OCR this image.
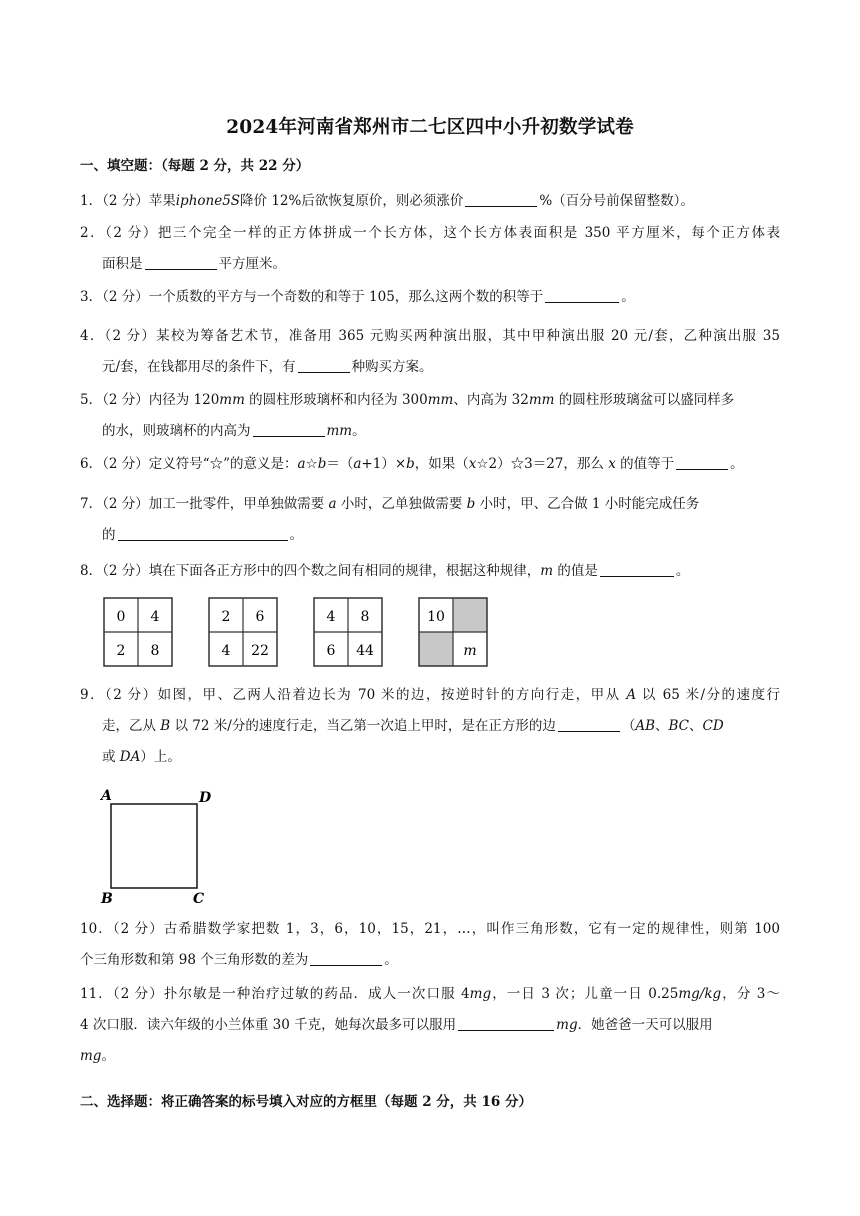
2024年河南省郑州市二七区四中小升初数学试卷
一、填空题：（每题 2 分，共 22 分）
1．（2 分）苹果iphone5S降价 12%后欲恢复原价，则必须涨价	%（百分号前保留整数）。
2．（2 分）把三个完全一样的正方体拼成一个长方体，这个长方体表面积是 350 平方厘米，每个正方体表
面积是	平方厘米。
3．（2 分）一个质数的平方与一个奇数的和等于 105，那么这两个数的积等于	。
4．（2 分）某校为筹备艺术节，准备用 365 元购买两种演出服，其中甲种演出服 20 元/套，乙种演出服 35
元/套，在钱都用尽的条件下，有	种购买方案。
5．（2 分）内径为 120mm 的圆柱形玻璃杯和内径为 300mm、内高为 32mm 的圆柱形玻璃盆可以盛同样多
的水，则玻璃杯的内高为	mm。
6．（2 分）定义符号“☆”的意义是：a☆b＝（a+1）×b，如果（x☆2）☆3＝27，那么 x 的值等于	。
7．（2 分）加工一批零件，甲单独做需要 a 小时，乙单独做需要 b 小时，甲、乙合做 1 小时能完成任务
的	。
8．（2 分）填在下面各正方形中的四个数之间有相同的规律，根据这种规律，m 的值是	。
0 4
2 8
2 6
4 22
4 8
6 44
10
m
9．（2 分）如图，甲、乙两人沿着边长为 70 米的边，按逆时针的方向行走，甲从 A 以 65 米/分的速度行
走，乙从 B 以 72 米/分的速度行走，当乙第一次追上甲时，是在正方形的边	（AB、BC、CD
或 DA）上。
A	D
B	C
10．（2 分）古希腊数学家把数 1，3，6，10，15，21，…，叫作三角形数，它有一定的规律性，则第 100
个三角形数和第 98 个三角形数的差为	。
11．（2 分）扑尔敏是一种治疗过敏的药品．成人一次口服 4mg，一日 3 次；儿童一日 0.25mg/kg，分 3～
4 次口服．读六年级的小兰体重 30 千克，她每次最多可以服用	mg．她爸爸一天可以服用
mg。
二、选择题：将正确答案的标号填入对应的方框里（每题 2 分，共 16 分）
